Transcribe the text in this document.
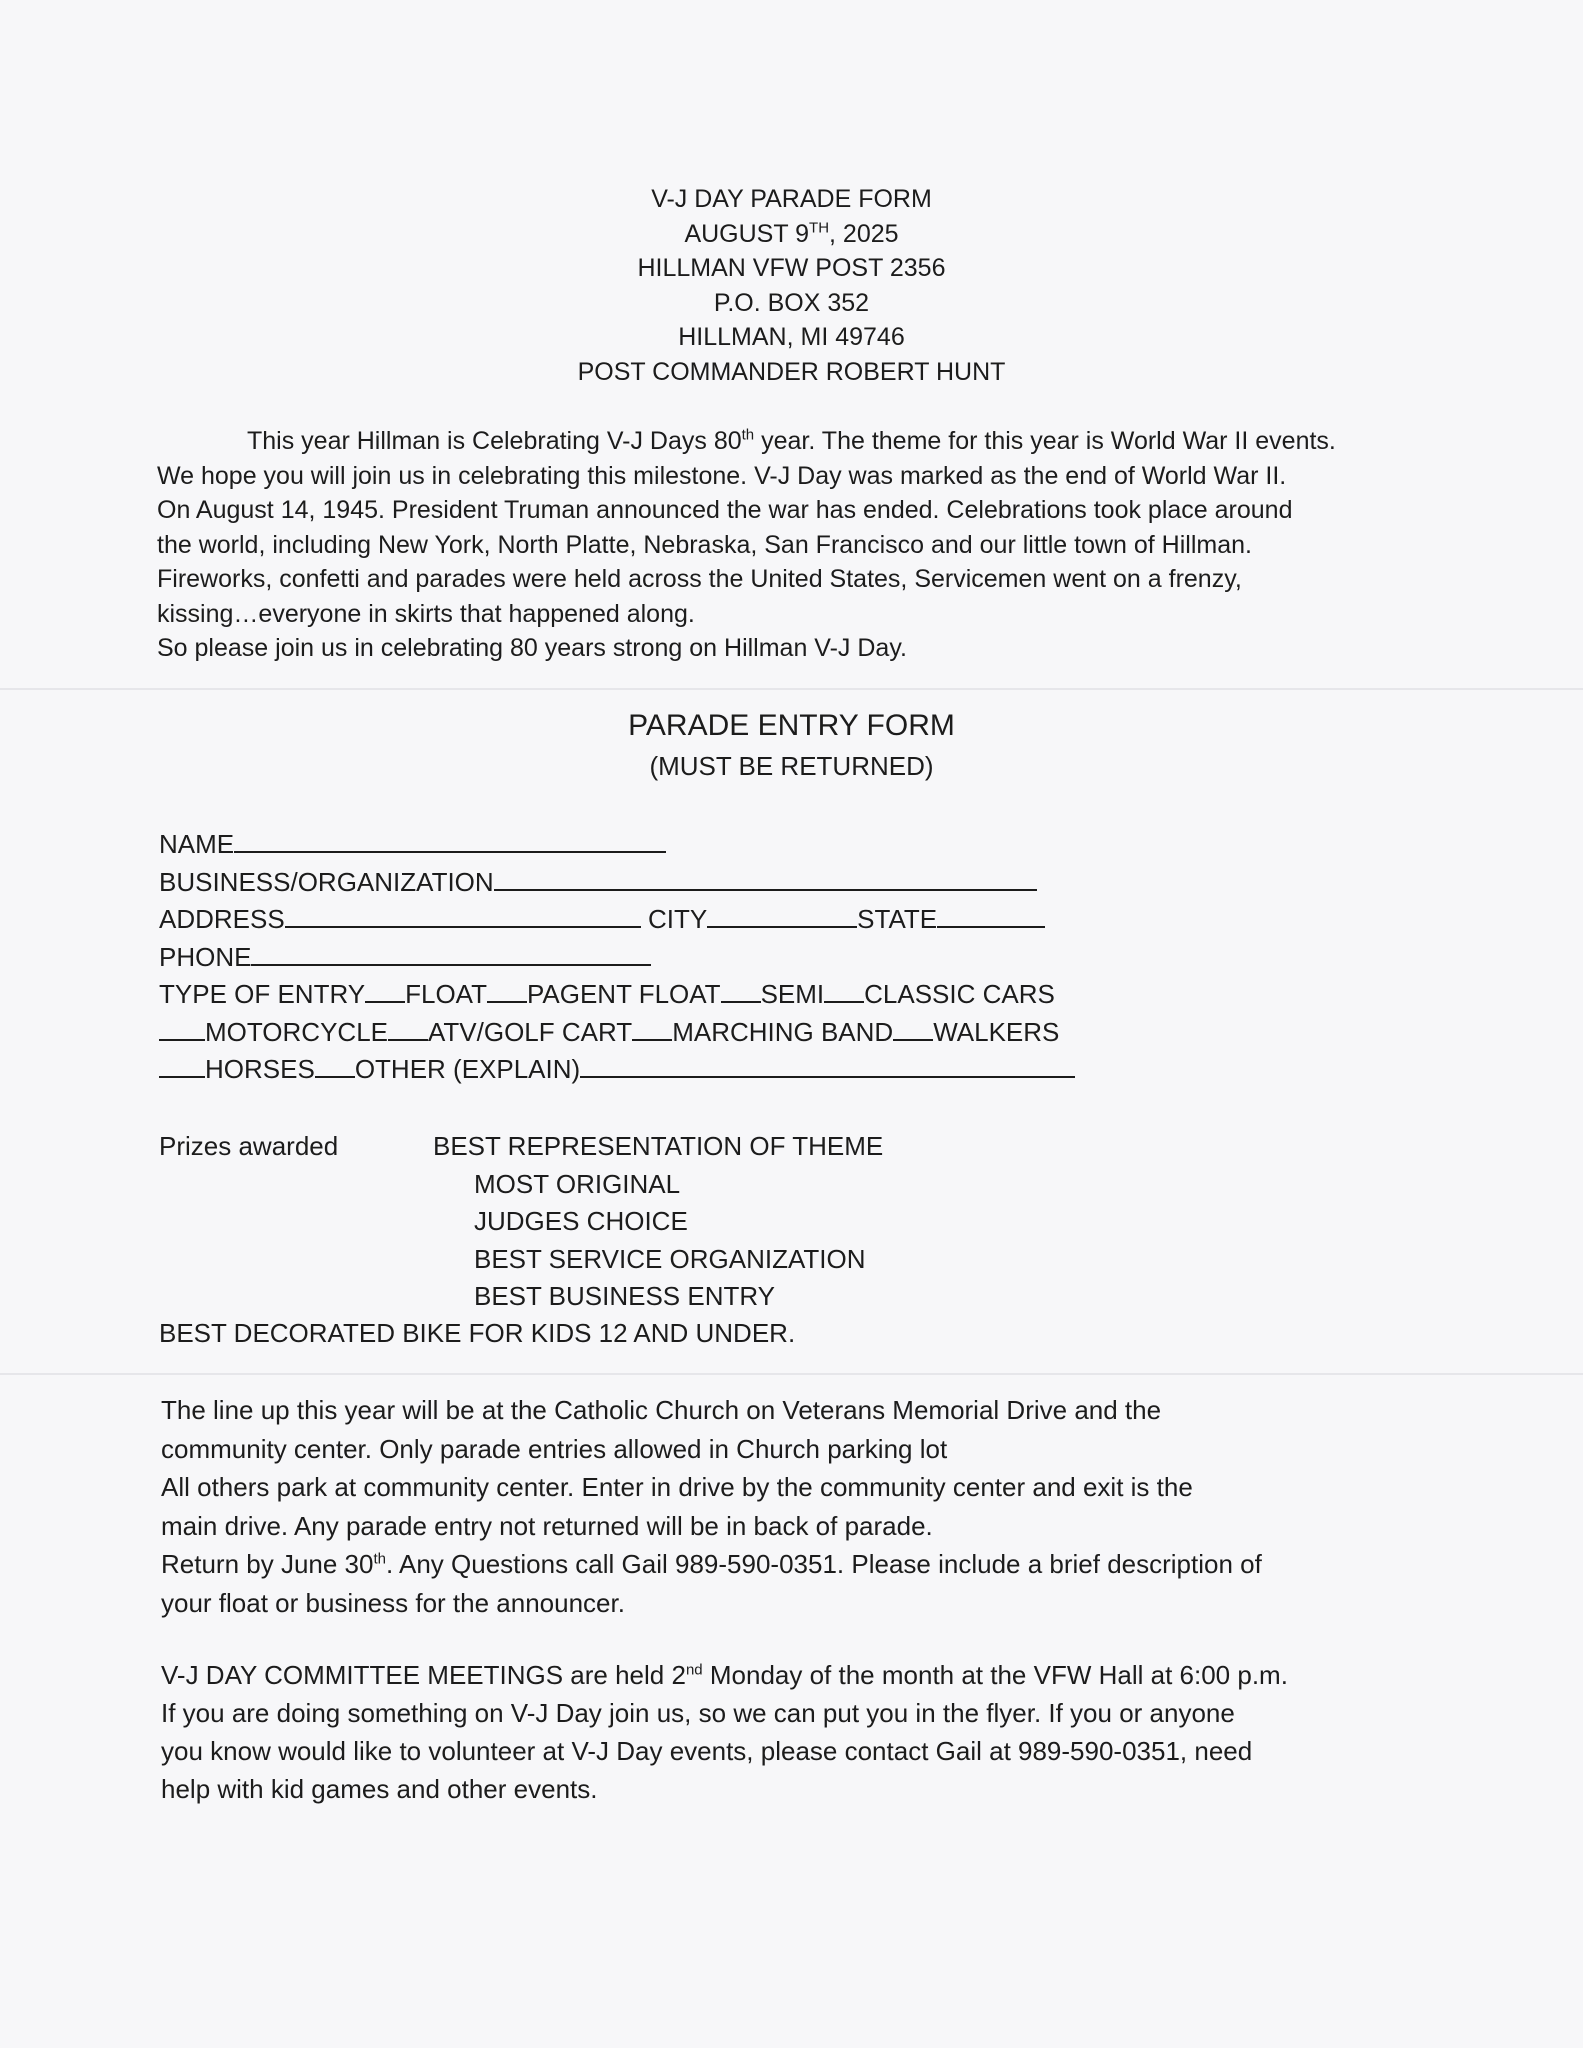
V-J DAY PARADE FORM
AUGUST 9TH, 2025
HILLMAN VFW POST 2356
P.O. BOX 352
HILLMAN, MI 49746
POST COMMANDER ROBERT HUNT
This year Hillman is Celebrating V-J Days 80th year. The theme for this year is World War II events.
We hope you will join us in celebrating this milestone. V-J Day was marked as the end of World War II.
On August 14, 1945. President Truman announced the war has ended. Celebrations took place around
the world, including New York, North Platte, Nebraska, San Francisco and our little town of Hillman.
Fireworks, confetti and parades were held across the United States, Servicemen went on a frenzy,
kissing…everyone in skirts that happened along.
So please join us in celebrating 80 years strong on Hillman V-J Day.
PARADE ENTRY FORM
(MUST BE RETURNED)
NAME
BUSINESS/ORGANIZATION
ADDRESS	CITY	STATE
PHONE
TYPE OF ENTRY FLOAT PAGENT FLOAT SEMI CLASSIC CARS
MOTORCYCLE ATV/GOLF CART MARCHING BAND WALKERS
HORSES OTHER (EXPLAIN)
Prizes awarded	BEST REPRESENTATION OF THEME
MOST ORIGINAL
JUDGES CHOICE
BEST SERVICE ORGANIZATION
BEST BUSINESS ENTRY
BEST DECORATED BIKE FOR KIDS 12 AND UNDER.
The line up this year will be at the Catholic Church on Veterans Memorial Drive and the
community center. Only parade entries allowed in Church parking lot
All others park at community center. Enter in drive by the community center and exit is the
main drive. Any parade entry not returned will be in back of parade.
Return by June 30th. Any Questions call Gail 989-590-0351. Please include a brief description of
your float or business for the announcer.
V-J DAY COMMITTEE MEETINGS are held 2nd Monday of the month at the VFW Hall at 6:00 p.m.
If you are doing something on V-J Day join us, so we can put you in the flyer. If you or anyone
you know would like to volunteer at V-J Day events, please contact Gail at 989-590-0351, need
help with kid games and other events.
